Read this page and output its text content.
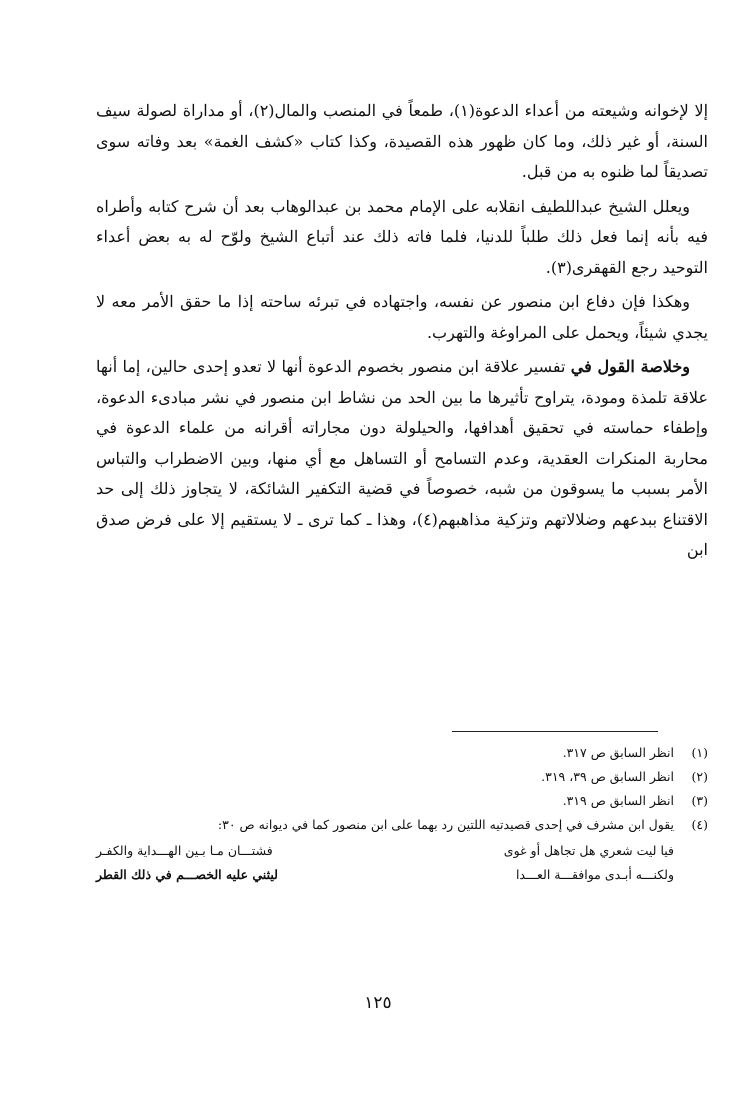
إلا لإخوانه وشيعته من أعداء الدعوة(١)، طمعاً في المنصب والمال(٢)، أو مداراة لصولة سيف السنة، أو غير ذلك، وما كان ظهور هذه القصيدة، وكذا كتاب «كشف الغمة» بعد وفاته سوى تصديقاً لما ظنوه به من قبل.

ويعلل الشيخ عبداللطيف انقلابه على الإمام محمد بن عبدالوهاب بعد أن شرح كتابه وأطراه فيه بأنه إنما فعل ذلك طلباً للدنيا، فلما فاته ذلك عند أتباع الشيخ ولوّح له به بعض أعداء التوحيد رجع القهقرى(٣).

وهكذا فإن دفاع ابن منصور عن نفسه، واجتهاده في تبرئه ساحته إذا ما حقق الأمر معه لا يجدي شيئاً، ويحمل على المراوغة والتهرب.

وخلاصة القول في تفسير علاقة ابن منصور بخصوم الدعوة أنها لا تعدو إحدى حالين، إما أنها علاقة تلمذة ومودة، يتراوح تأثيرها ما بين الحد من نشاط ابن منصور في نشر مبادىء الدعوة، وإطفاء حماسته في تحقيق أهدافها، والحيلولة دون مجاراته أقرانه من علماء الدعوة في محاربة المنكرات العقدية، وعدم التسامح أو التساهل مع أي منها، وبين الاضطراب والتباس الأمر بسبب ما يسوقون من شبه، خصوصاً في قضية التكفير الشائكة، لا يتجاوز ذلك إلى حد الاقتناع ببدعهم وضلالاتهم وتزكية مذاهبهم(٤)، وهذا ـ كما ترى ـ لا يستقيم إلا على فرض صدق ابن

(١)
انظر السابق ص ٣١٧.
(٢)
انظر السابق ص ٣٩، ٣١٩.
(٣)
انظر السابق ص ٣١٩.
(٤)
يقول ابن مشرف في إحدى قصيدتيه اللتين رد بهما على ابن منصور كما في ديوانه ص ٣٠:
فيا ليت شعري هل تجاهل أو غوى
فشتـــان مـا بـين الهـــداية والكفـر
ولكنـــه أبـدى موافقـــة العـــدا
ليثني عليه الخصـــم في ذلك القطر
١٢٥
